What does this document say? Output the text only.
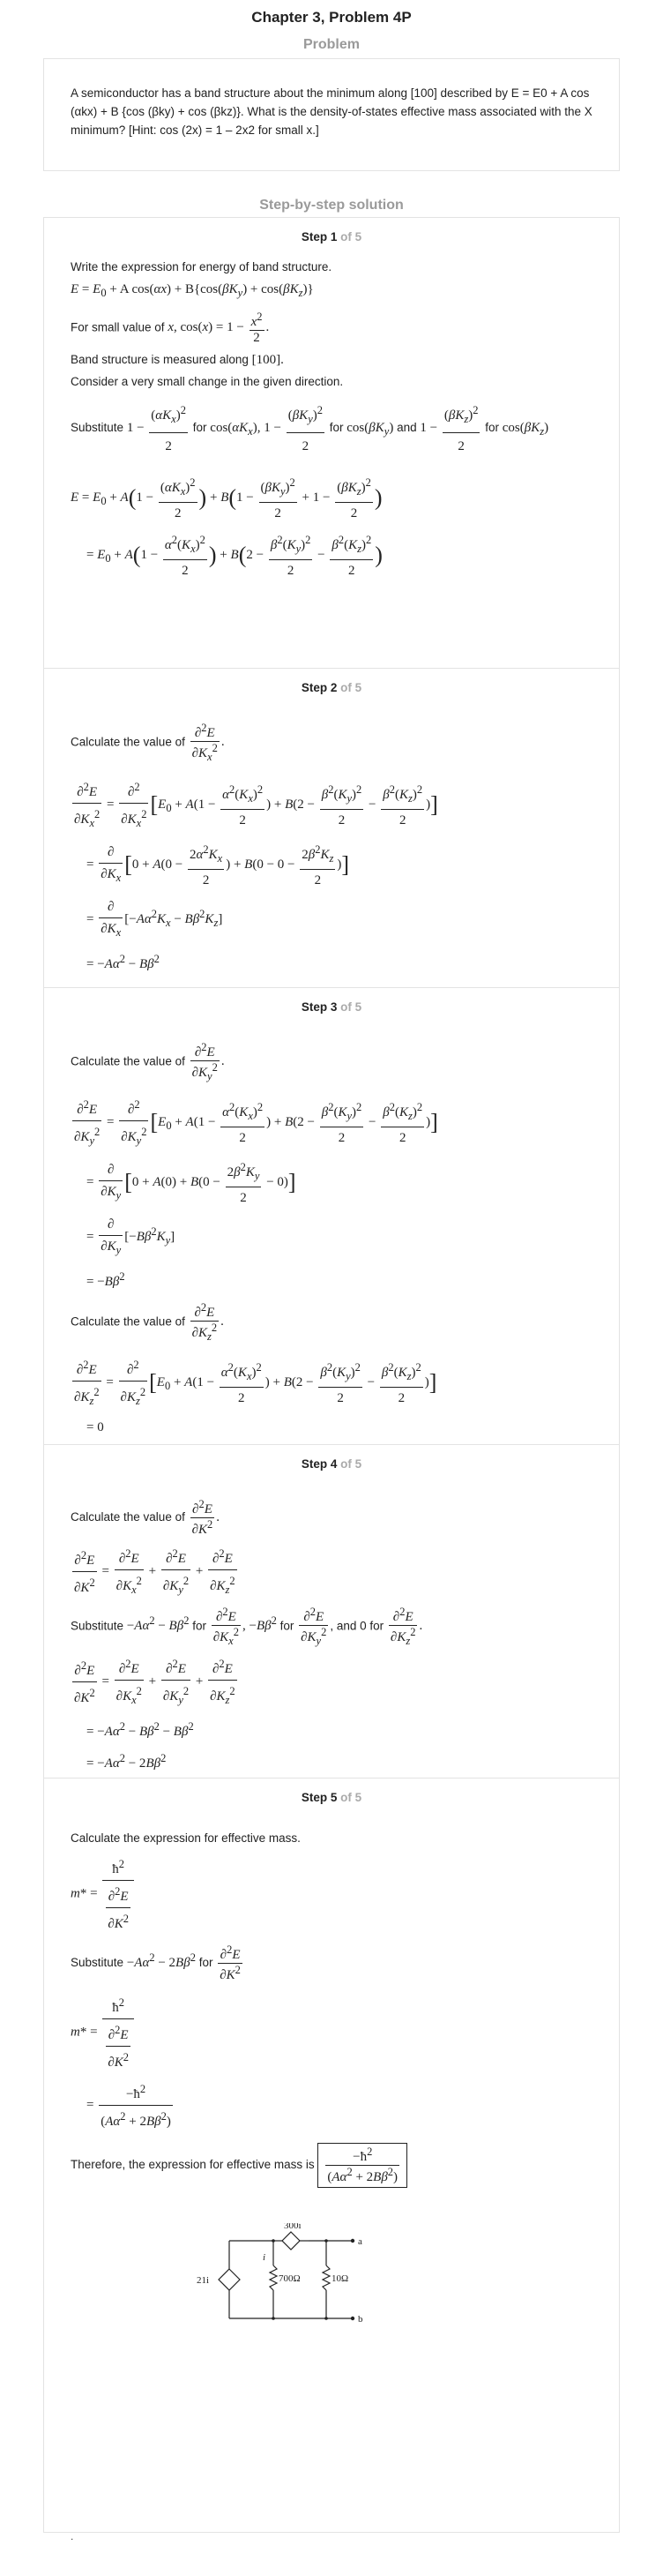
Chapter 3, Problem 4P
Problem

A semiconductor has a band structure about the minimum along [100] described by E = E0 + A cos (αkx) + B {cos (βky) + cos (βkz)}. What is the density-of-states effective mass associated with the X minimum? [Hint: cos (2x) = 1 – 2x2 for small x.]

Step-by-step solution
Step 1 of 5

Write the expression for energy of band structure.

$E = E_0 + A$ $\cos(\alpha x) + B\{\cos(\beta K_y) + \cos(\beta K_z)\}$

For small value of x, $\cos(x) = 1 - \frac{x^2}{2}$ .

Band structure is measured along [100].

Consider a very small change in the given direction.

Substitute $1 - \frac{(\alpha K_x)^2}{2}$ for $\cos(\alpha K_x)$, $1 - \frac{(\beta K_y)^2}{2}$ for $\cos(\beta K_y)$ and $1 - \frac{(\beta K_z)^2}{2}$ for $\cos(\beta K_z)$

$E = E_0 + A(1 - \frac{(\alpha K_x)^2}{2}$ ) + $B(1 - \frac{(\beta K_y)^2}{2} + 1 - \frac{(\beta K_z)^2}{2}$ )
= $E_0 + A(1 - \frac{\alpha^2(K_x)^2}{2}$ ) + $B(2 - \frac{\beta^2(K_y)^2}{2} - \frac{\beta^2(K_z)^2}{2}$ )
Step 2 of 5

Calculate the value of $\frac{\partial^2E}{\partial K_x^2}$ .

$\frac{\partial^2E}{\partial K_x^2} = \frac{\partial^2}{\partial K_x^2} [E_0 + A(1 - \frac{\alpha^2(K_x)^2}{2}$ ) + $B(2 - \frac{\beta^2(K_y)^2}{2} - \frac{\beta^2(K_z)^2}{2}$ )]
= $\frac{\partial}{\partial K_x} [0 + A(0 - \frac{2\alpha^2K_x}{2}$ ) + $B(0 - 0 - \frac{2\beta^2K_z}{2}$ )]
= $\frac{\partial}{\partial K_x} [-A\alpha^2K_x - B\beta^2K_z]$
= $-A\alpha^2 - B\beta^2$
Step 3 of 5

Calculate the value of $\frac{\partial^2E}{\partial K_y^2}$ .

$\frac{\partial^2E}{\partial K_y^2} = \frac{\partial^2}{\partial K_y^2} [E_0 + A(1 - \frac{\alpha^2(K_x)^2}{2}$ ) + $B(2 - \frac{\beta^2(K_y)^2}{2} - \frac{\beta^2(K_z)^2}{2}$ )]
= $\frac{\partial}{\partial K_y} [0 + A(0) + B(0 - \frac{2\beta^2K_y}{2} - 0)]$
= $\frac{\partial}{\partial K_y} [-B\beta^2K_y]$
= $-B\beta^2$

Calculate the value of $\frac{\partial^2E}{\partial K_z^2}$ .

$\frac{\partial^2E}{\partial K_z^2} = \frac{\partial^2}{\partial K_z^2} [E_0 + A(1 - \frac{\alpha^2(K_x)^2}{2}$ ) + $B(2 - \frac{\beta^2(K_y)^2}{2} - \frac{\beta^2(K_z)^2}{2}$ )]
= 0
Step 4 of 5

Calculate the value of $\frac{\partial^2E}{\partial K^2}$ .

$\frac{\partial^2E}{\partial K^2} = \frac{\partial^2E}{\partial K_x^2} + \frac{\partial^2E}{\partial K_y^2} + \frac{\partial^2E}{\partial K_z^2}$

Substitute $-A\alpha^2 - B\beta^2$ for $\frac{\partial^2E}{\partial K_x^2}$ , $-B\beta^2$ for $\frac{\partial^2E}{\partial K_y^2}$ , and 0 for $\frac{\partial^2E}{\partial K_z^2}$ .

$\frac{\partial^2E}{\partial K^2} = \frac{\partial^2E}{\partial K_x^2} + \frac{\partial^2E}{\partial K_y^2} + \frac{\partial^2E}{\partial K_z^2}$
= $-A\alpha^2 - B\beta^2 - B\beta^2$
= $-A\alpha^2 - 2B\beta^2$
Step 5 of 5

Calculate the expression for effective mass.

$m* = \frac{ħ^2}{\frac{\partial^2E}{\partial K^2}}$

Substitute $-A\alpha^2 - 2B\beta^2$ for $\frac{\partial^2E}{\partial K^2}$

$m* = \frac{ħ^2}{\frac{\partial^2E}{\partial K^2}}$
= $\frac{-ħ^2}{(A\alpha^2 + 2B\beta^2)}$

Therefore, the expression for effective mass is $\frac{-ħ^2}{(A\alpha^2 + 2B\beta^2)}$

300i
21i	700Ω	10Ω
a
b
i

.
